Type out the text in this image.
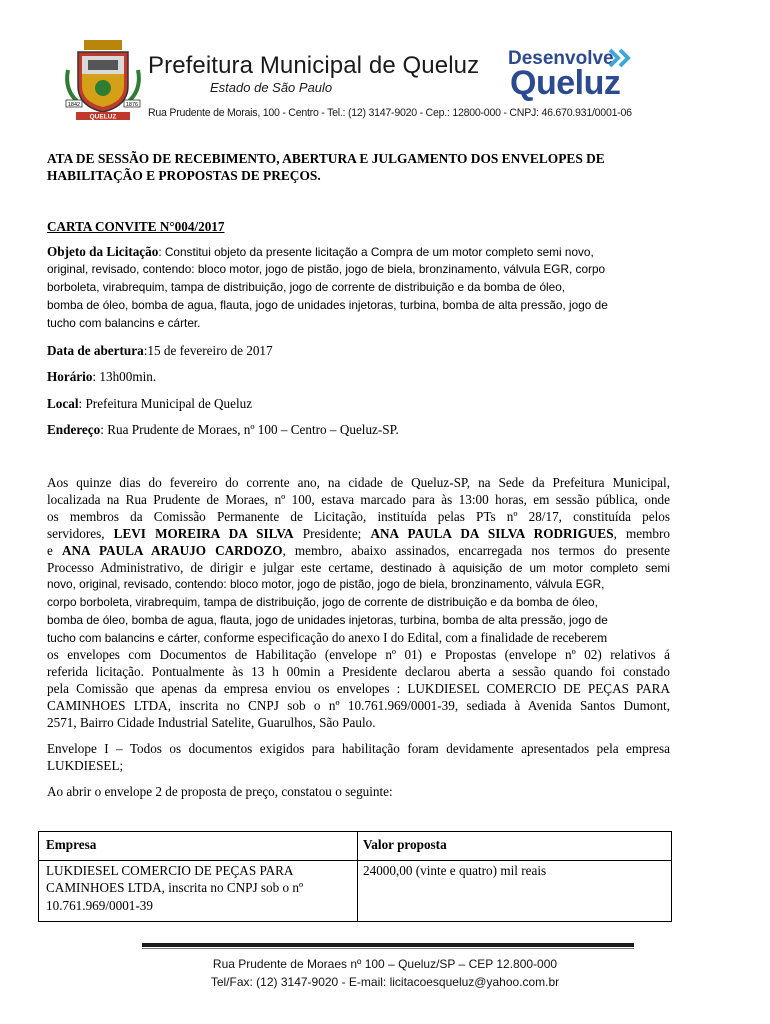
1842	1876
QUELUZ
Prefeitura Municipal de Queluz
Estado de São Paulo
Rua Prudente de Morais, 100 - Centro - Tel.: (12) 3147-9020 - Cep.: 12800-000 - CNPJ: 46.670.931/0001-06
Desenvolve
Queluz
ATA DE SESSÃO DE RECEBIMENTO, ABERTURA E JULGAMENTO DOS ENVELOPES DE
HABILITAÇÃO E PROPOSTAS DE PREÇOS.
CARTA CONVITE N°004/2017
Objeto da Licitação: Constitui objeto da presente licitação a Compra de um motor completo semi novo,
original, revisado, contendo: bloco motor, jogo de pistão, jogo de biela, bronzinamento, válvula EGR, corpo
borboleta, virabrequim, tampa de distribuição, jogo de corrente de distribuição e da bomba de óleo,
bomba de óleo, bomba de agua, flauta, jogo de unidades injetoras, turbina, bomba de alta pressão, jogo de
tucho com balancins e cárter.
Data de abertura:15 de fevereiro de 2017
Horário: 13h00min.
Local: Prefeitura Municipal de Queluz
Endereço: Rua Prudente de Moraes, nº 100 – Centro – Queluz-SP.
Aos quinze dias do fevereiro do corrente ano, na cidade de Queluz-SP, na Sede da Prefeitura Municipal,
localizada na Rua Prudente de Moraes, nº 100, estava marcado para às 13:00 horas, em sessão pública, onde
os membros da Comissão Permanente de Licitação, instituída pelas PTs nº 28/17, constituída pelos
servidores, LEVI MOREIRA DA SILVA Presidente; ANA PAULA DA SILVA RODRIGUES, membro
e ANA PAULA ARAUJO CARDOZO, membro, abaixo assinados, encarregada nos termos do presente
Processo Administrativo, de dirigir e julgar este certame, destinado à aquisição de um motor completo semi
novo, original, revisado, contendo: bloco motor, jogo de pistão, jogo de biela, bronzinamento, válvula EGR,
corpo borboleta, virabrequim, tampa de distribuição, jogo de corrente de distribuição e da bomba de óleo,
bomba de óleo, bomba de agua, flauta, jogo de unidades injetoras, turbina, bomba de alta pressão, jogo de
tucho com balancins e cárter, conforme especificação do anexo I do Edital, com a finalidade de receberem
os envelopes com Documentos de Habilitação (envelope nº 01) e Propostas (envelope nº 02) relativos á
referida licitação. Pontualmente às 13 h 00min a Presidente declarou aberta a sessão quando foi constado
pela Comissão que apenas da empresa enviou os envelopes : LUKDIESEL COMERCIO DE PEÇAS PARA
CAMINHOES LTDA, inscrita no CNPJ sob o nº 10.761.969/0001-39, sediada à Avenida Santos Dumont,
2571, Bairro Cidade Industrial Satelite, Guarulhos, São Paulo.
Envelope I – Todos os documentos exigidos para habilitação foram devidamente apresentados pela empresa
LUKDIESEL;
Ao abrir o envelope 2 de proposta de preço, constatou o seguinte:
Empresa	Valor proposta
LUKDIESEL COMERCIO DE PEÇAS PARA
CAMINHOES LTDA, inscrita no CNPJ sob o nº
10.761.969/0001-39
24000,00 (vinte e quatro) mil reais
Rua Prudente de Moraes nº 100 – Queluz/SP – CEP 12.800-000
Tel/Fax: (12) 3147-9020 - E-mail: licitacoesqueluz@yahoo.com.br
